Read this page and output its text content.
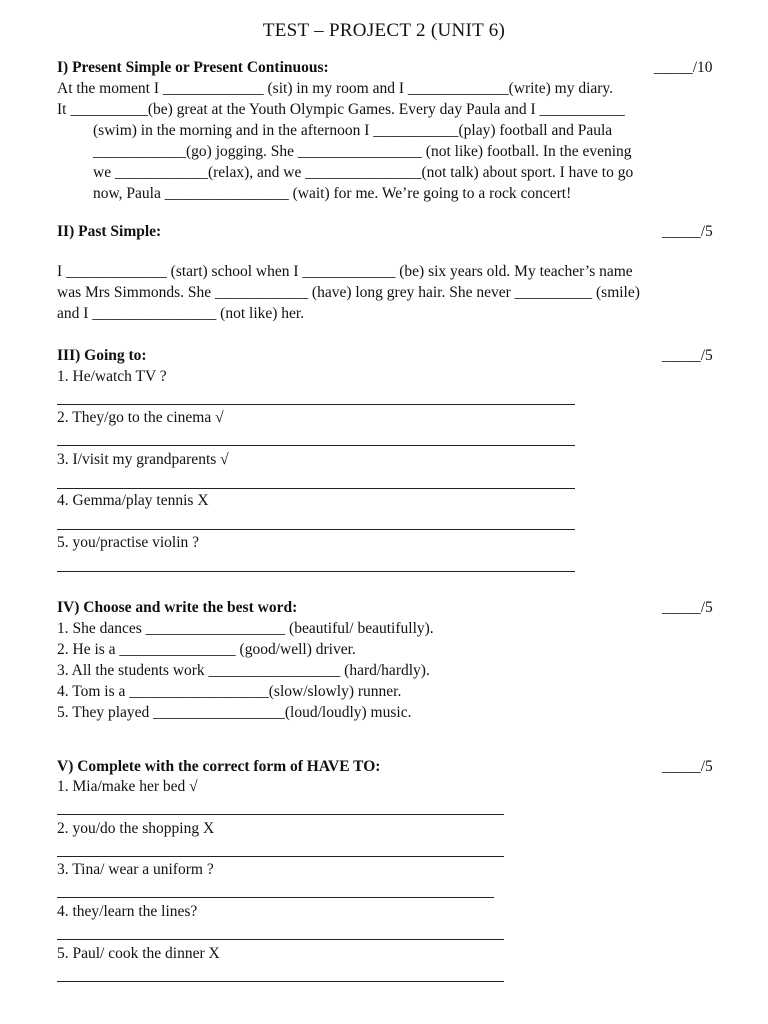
TEST – PROJECT 2 (UNIT 6)
I) Present Simple or Present Continuous:	_____/10
At the moment I _____________ (sit) in my room and I _____________(write) my diary.
It __________(be) great at the Youth Olympic Games. Every day Paula and I ___________
(swim) in the morning and in the afternoon I ___________(play) football and Paula
____________(go) jogging. She ________________ (not like) football. In the evening
we ____________(relax), and we _______________(not talk) about sport. I have to go
now, Paula ________________ (wait) for me. We’re going to a rock concert!
II) Past Simple:	_____/5
I _____________ (start) school when I ____________ (be) six years old. My teacher’s name
was Mrs Simmonds. She ____________ (have) long grey hair. She never __________ (smile)
and I ________________ (not like) her.
III) Going to:	_____/5
1. He/watch TV ?
2. They/go to the cinema √
3. I/visit my grandparents √
4. Gemma/play tennis X
5. you/practise violin ?
IV) Choose and write the best word:	_____/5
1. She dances __________________ (beautiful/ beautifully).
2. He is a _______________ (good/well) driver.
3. All the students work _________________ (hard/hardly).
4. Tom is a __________________(slow/slowly) runner.
5. They played _________________(loud/loudly) music.
V) Complete with the correct form of HAVE TO:	_____/5
1. Mia/make her bed √
2. you/do the shopping X
3. Tina/ wear a uniform ?
4. they/learn the lines?
5. Paul/ cook the dinner X
